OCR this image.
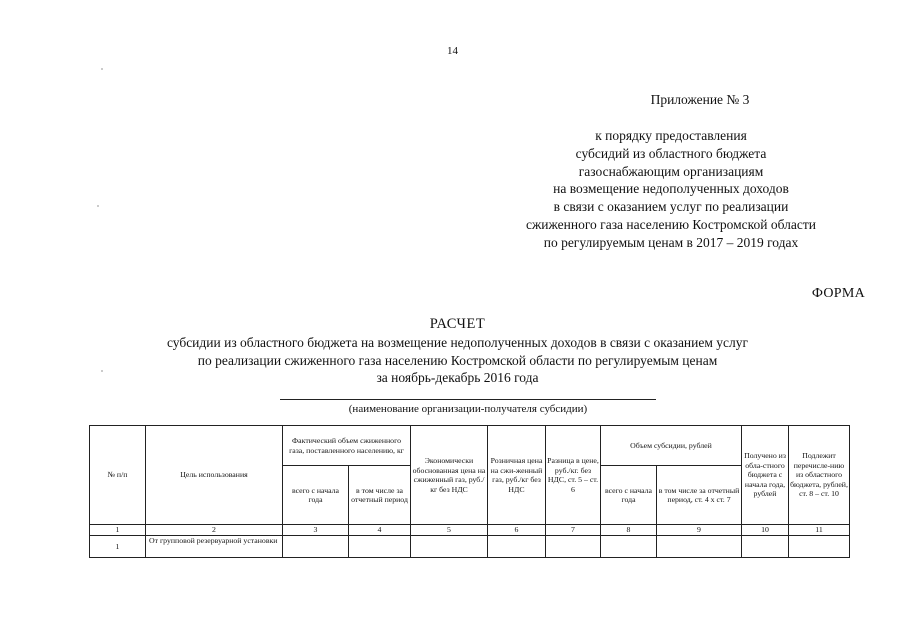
14
Приложение № 3
к порядку предоставления
субсидий из областного бюджета
газоснабжающим организациям
на возмещение недополученных доходов
в связи с оказанием услуг по реализации
сжиженного газа населению Костромской области
по регулируемым ценам в 2017 – 2019 годах
ФОРМА
РАСЧЕТ
субсидии из областного бюджета на возмещение недополученных доходов в связи с оказанием услуг
по реализации сжиженного газа населению Костромской области по регулируемым ценам
за ноябрь-декабрь 2016 года
(наименование организации-получателя субсидии)
№ п/п	Цель использования	Фактический объем сжиженного газа, поставленного населению, кг		Экономически обоснованная цена на сжиженный газ, руб./кг без НДС	Розничная цена на сжи-женный газ, руб./кг без НДС	Разница в цене, руб./кг. без НДС, ст. 5 – ст. 6	Объем субсидии, рублей		Получено из обла-стного бюджета с начала года, рублей	Подлежит перечисле-нию из областного бюджета, рублей, ст. 8 – ст. 10
		всего с начала года	в том числе за отчетный период				всего с начала года	в том числе за отчетный период, ст. 4 х ст. 7		
1	2	3	4	5	6	7	8	9	10	11
1	От групповой резервуарной установки									
